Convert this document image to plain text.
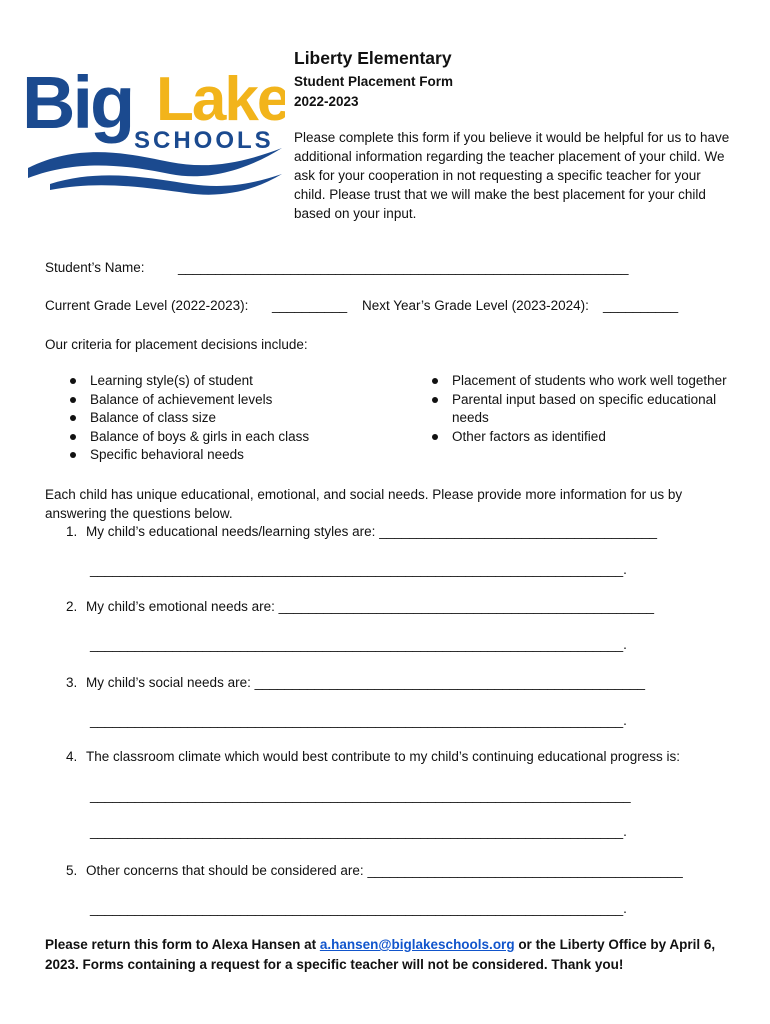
Big Lake
SCHOOLS
Liberty Elementary
Student Placement Form
2022-2023
Please complete this form if you believe it would be helpful for us to have additional information regarding the teacher placement of your child. We ask for your cooperation in not requesting a specific teacher for your child. Please trust that we will make the best placement for your child based on your input.
Student’s Name: ____________________________________________________________
Current Grade Level (2022-2023): __________ Next Year’s Grade Level (2023-2024): __________
Our criteria for placement decisions include:
Learning style(s) of student
Balance of achievement levels
Balance of class size
Balance of boys & girls in each class
Specific behavioral needs
Placement of students who work well together
Parental input based on specific educational needs
Other factors as identified
Each child has unique educational, emotional, and social needs. Please provide more information for us by answering the questions below.
1. My child’s educational needs/learning styles are: _____________________________________
_______________________________________________________________________.
2. My child’s emotional needs are: __________________________________________________
_______________________________________________________________________.
3. My child’s social needs are: ____________________________________________________
_______________________________________________________________________.
4. The classroom climate which would best contribute to my child’s continuing educational progress is:
________________________________________________________________________
_______________________________________________________________________.
5. Other concerns that should be considered are: __________________________________________
_______________________________________________________________________.
Please return this form to Alexa Hansen at a.hansen@biglakeschools.org or the Liberty Office by April 6, 2023. Forms containing a request for a specific teacher will not be considered. Thank you!
